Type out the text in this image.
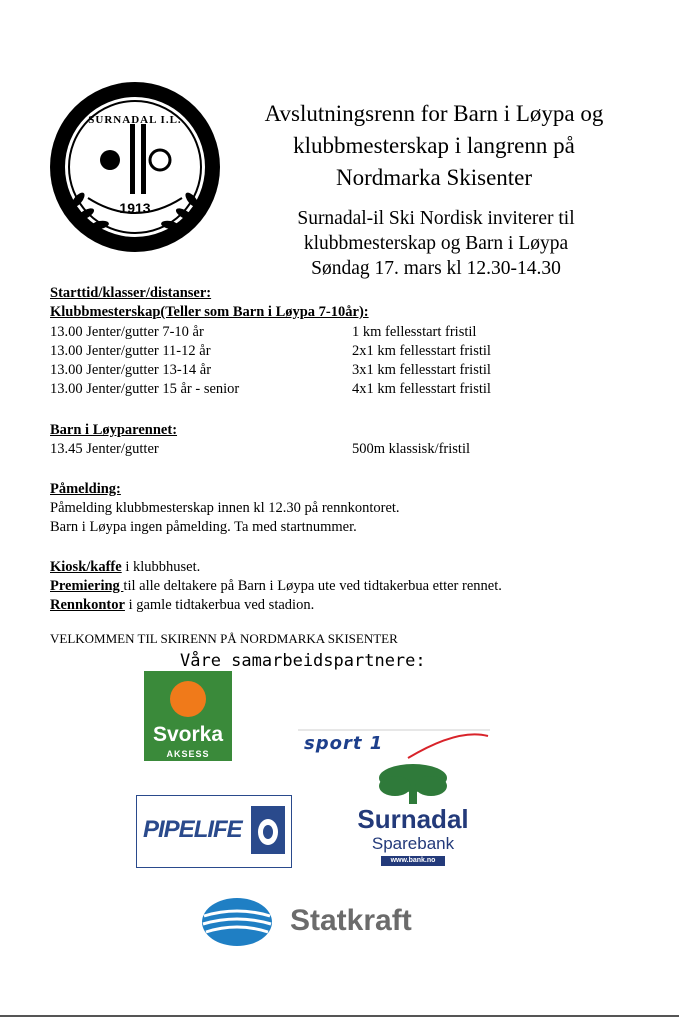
SURNADAL I.L.
1913
Avslutningsrenn for Barn i Løypa og
klubbmesterskap i langrenn på
Nordmarka Skisenter
Surnadal-il Ski Nordisk inviterer til
klubbmesterskap og Barn i Løypa
Søndag 17. mars kl 12.30-14.30
Starttid/klasser/distanser:
Klubbmesterskap(Teller som Barn i Løypa 7-10år):
13.00 Jenter/gutter 7-10 år	1 km fellesstart fristil
13.00 Jenter/gutter 11-12 år	2x1 km fellesstart fristil
13.00 Jenter/gutter 13-14 år	3x1 km fellesstart fristil
13.00 Jenter/gutter 15 år - senior	4x1 km fellesstart fristil
Barn i Løyparennet:
13.45 Jenter/gutter	500m klassisk/fristil
Påmelding:
Påmelding klubbmesterskap innen kl 12.30 på rennkontoret.
Barn i Løypa ingen påmelding. Ta med startnummer.
Kiosk/kaffe i klubbhuset.
Premiering til alle deltakere på Barn i Løypa ute ved tidtakerbua etter rennet.
Rennkontor i gamle tidtakerbua ved stadion.
VELKOMMEN TIL SKIRENN PÅ NORDMARKA SKISENTER
Våre samarbeidspartnere:
Svorka
AKSESS	sport 1
PIPELIFE	Surnadal
Sparebank
www.bank.no
Statkraft
